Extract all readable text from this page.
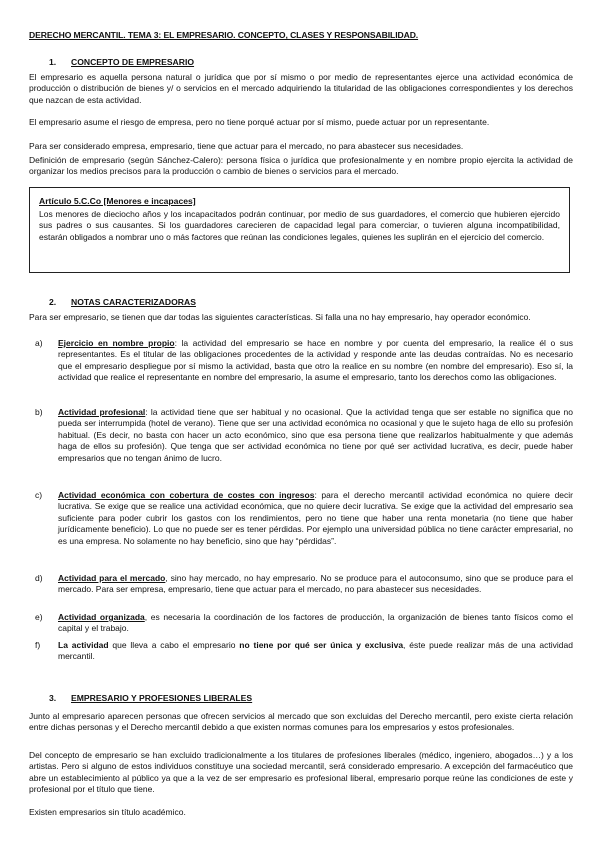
DERECHO MERCANTIL. TEMA 3: EL EMPRESARIO. CONCEPTO, CLASES Y RESPONSABILIDAD.
1. CONCEPTO DE EMPRESARIO
El empresario es aquella persona natural o jurídica que por sí mismo o por medio de representantes ejerce una actividad económica de producción o distribución de bienes y/ o servicios en el mercado adquiriendo la titularidad de las obligaciones correspondientes y los derechos que nazcan de esta actividad.
El empresario asume el riesgo de empresa, pero no tiene porqué actuar por sí mismo, puede actuar por un representante.
Para ser considerado empresa, empresario, tiene que actuar para el mercado, no para abastecer sus necesidades.
Definición de empresario (según Sánchez-Calero): persona física o jurídica que profesionalmente y en nombre propio ejercita la actividad de organizar los medios precisos para la producción o cambio de bienes o servicios para el mercado.
Artículo 5.C.Co [Menores e incapaces]
Los menores de dieciocho años y los incapacitados podrán continuar, por medio de sus guardadores, el comercio que hubieren ejercido sus padres o sus causantes. Si los guardadores carecieren de capacidad legal para comerciar, o tuvieren alguna incompatibilidad, estarán obligados a nombrar uno o más factores que reúnan las condiciones legales, quienes les suplirán en el ejercicio del comercio.
2. NOTAS CARACTERIZADORAS
Para ser empresario, se tienen que dar todas las siguientes características. Si falla una no hay empresario, hay operador económico.
a) Ejercicio en nombre propio: la actividad del empresario se hace en nombre y por cuenta del empresario, la realice él o sus representantes. Es el titular de las obligaciones procedentes de la actividad y responde ante las deudas contraídas. No es necesario que el empresario despliegue por sí mismo la actividad, basta que otro la realice en su nombre (en nombre del empresario). Eso sí, la actividad que realice el representante en nombre del empresario, la asume el empresario, tanto los derechos como las obligaciones.
b) Actividad profesional: la actividad tiene que ser habitual y no ocasional. Que la actividad tenga que ser estable no significa que no pueda ser interrumpida (hotel de verano). Tiene que ser una actividad económica no ocasional y que le sujeto haga de ello su profesión habitual. (Es decir, no basta con hacer un acto económico, sino que esa persona tiene que realizarlos habitualmente y que además haga de ellos su profesión). Que tenga que ser actividad económica no tiene por qué ser actividad lucrativa, es decir, puede haber empresarios que no tengan ánimo de lucro.
c) Actividad económica con cobertura de costes con ingresos: para el derecho mercantil actividad económica no quiere decir lucrativa. Se exige que se realice una actividad económica, que no quiere decir lucrativa. Se exige que la actividad del empresario sea suficiente para poder cubrir los gastos con los rendimientos, pero no tiene que haber una renta monetaria (no tiene que haber jurídicamente beneficio). Lo que no puede ser es tener pérdidas. Por ejemplo una universidad pública no tiene carácter empresarial, no es una empresa. No solamente no hay beneficio, sino que hay “pérdidas”.
d) Actividad para el mercado, sino hay mercado, no hay empresario. No se produce para el autoconsumo, sino que se produce para el mercado. Para ser empresa, empresario, tiene que actuar para el mercado, no para abastecer sus necesidades.
e) Actividad organizada, es necesaria la coordinación de los factores de producción, la organización de bienes tanto físicos como el capital y el trabajo.
f) La actividad que lleva a cabo el empresario no tiene por qué ser única y exclusiva, éste puede realizar más de una actividad mercantil.
3. EMPRESARIO Y PROFESIONES LIBERALES
Junto al empresario aparecen personas que ofrecen servicios al mercado que son excluidas del Derecho mercantil, pero existe cierta relación entre dichas personas y el Derecho mercantil debido a que existen normas comunes para los empresarios y estos profesionales.
Del concepto de empresario se han excluido tradicionalmente a los titulares de profesiones liberales (médico, ingeniero, abogados…) y a los artistas. Pero si alguno de estos individuos constituye una sociedad mercantil, será considerado empresario. A excepción del farmacéutico que abre un establecimiento al público ya que a la vez de ser empresario es profesional liberal, empresario porque reúne las condiciones de este y profesional por el título que tiene.
Existen empresarios sin título académico.
